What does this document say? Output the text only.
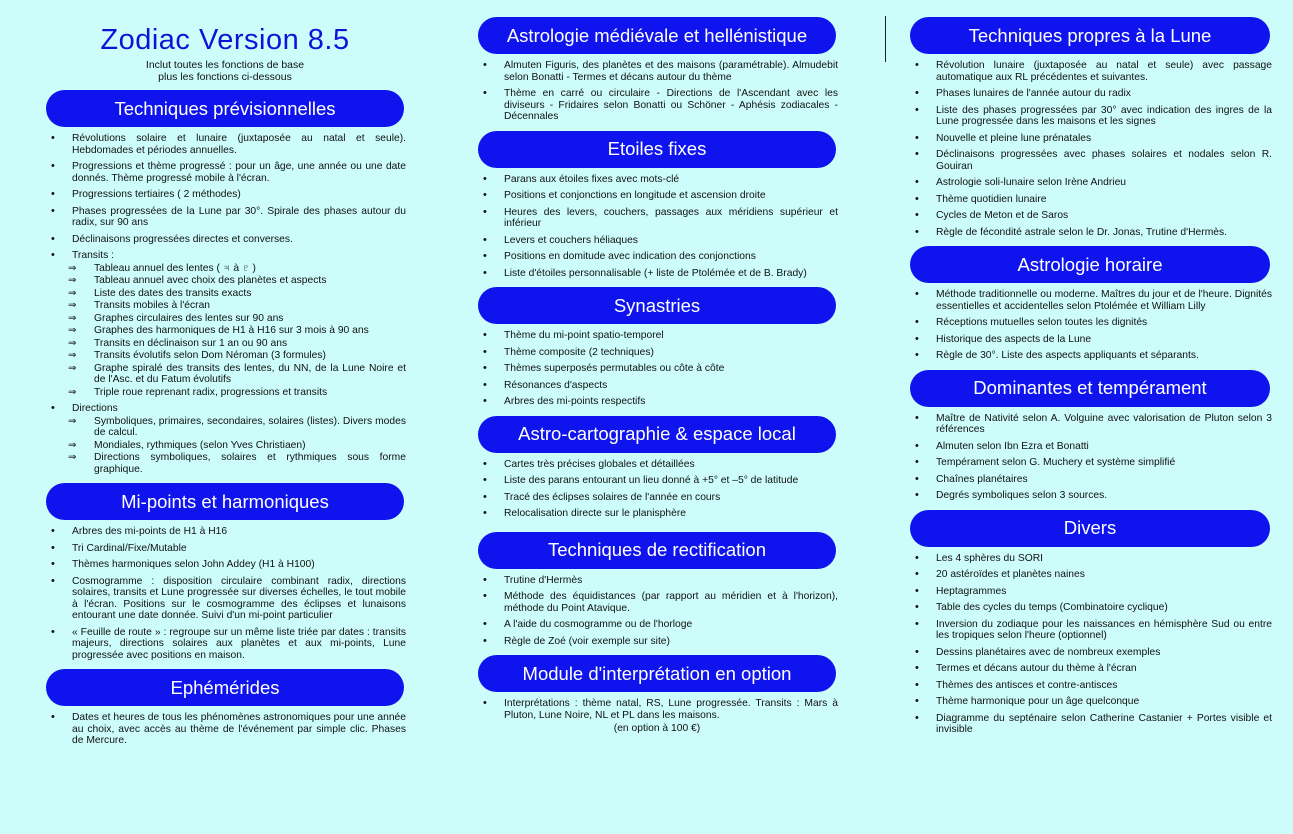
Zodiac Version 8.5
Inclut toutes les fonctions de base
plus les fonctions ci-dessous
Techniques prévisionnelles
• Révolutions solaire et lunaire (juxtaposée au natal et seule). Hebdomades et périodes annuelles.
• Progressions et thème progressé : pour un âge, une année ou une date donnés. Thème progressé mobile à l'écran.
• Progressions tertiaires ( 2 méthodes)
• Phases progressées de la Lune par 30°. Spirale des phases autour du radix, sur 90 ans
• Déclinaisons progressées directes et converses.
• Transits :
⇒ Tableau annuel des lentes ( ♃ à ♇ )
⇒ Tableau annuel avec choix des planètes et aspects
⇒ Liste des dates des transits exacts
⇒ Transits mobiles à l'écran
⇒ Graphes circulaires des lentes sur 90 ans
⇒ Graphes des harmoniques de H1 à H16 sur 3 mois à 90 ans
⇒ Transits en déclinaison sur 1 an ou 90 ans
⇒ Transits évolutifs selon Dom Néroman (3 formules)
⇒ Graphe spiralé des transits des lentes, du NN, de la Lune Noire et de l'Asc. et du Fatum évolutifs
⇒ Triple roue reprenant radix, progressions et transits
• Directions
⇒ Symboliques, primaires, secondaires, solaires (listes). Divers modes de calcul.
⇒ Mondiales, rythmiques (selon Yves Christiaen)
⇒ Directions symboliques, solaires et rythmiques sous forme graphique.
Mi-points et harmoniques
• Arbres des mi-points de H1 à H16
• Tri Cardinal/Fixe/Mutable
• Thèmes harmoniques selon John Addey (H1 à H100)
• Cosmogramme : disposition circulaire combinant radix, directions solaires, transits et Lune progressée sur diverses échelles, le tout mobile à l'écran. Positions sur le cosmogramme des éclipses et lunaisons entourant une date donnée. Suivi d'un mi-point particulier
• « Feuille de route » : regroupe sur un même liste triée par dates : transits majeurs, directions solaires aux planètes et aux mi-points, Lune progressée avec positions en maison.
Ephémérides
• Dates et heures de tous les phénomènes astronomiques pour une année au choix, avec accès au thème de l'événement par simple clic. Phases de Mercure.
Astrologie médiévale et hellénistique
• Almuten Figuris, des planètes et des maisons (paramétrable). Almudebit selon Bonatti - Termes et décans autour du thème
• Thème en carré ou circulaire - Directions de l'Ascendant avec les diviseurs - Fridaires selon Bonatti ou Schöner - Aphésis zodiacales - Décennales
Etoiles fixes
• Parans aux étoiles fixes avec mots-clé
• Positions et conjonctions en longitude et ascension droite
• Heures des levers, couchers, passages aux méridiens supérieur et inférieur
• Levers et couchers héliaques
• Positions en domitude avec indication des conjonctions
• Liste d'étoiles personnalisable (+ liste de Ptolémée et de B. Brady)
Synastries
• Thème du mi-point spatio-temporel
• Thème composite (2 techniques)
• Thèmes superposés permutables ou côte à côte
• Résonances d'aspects
• Arbres des mi-points respectifs
Astro-cartographie & espace local
• Cartes très précises globales et détaillées
• Liste des parans entourant un lieu donné à +5° et –5° de latitude
• Tracé des éclipses solaires de l'année en cours
• Relocalisation directe sur le planisphère
Techniques de rectification
• Trutine d'Hermès
• Méthode des équidistances (par rapport au méridien et à l'horizon), méthode du Point Atavique.
• A l'aide du cosmogramme ou de l'horloge
• Règle de Zoé (voir exemple sur site)
Module d'interprétation en option
• Interprétations : thème natal, RS, Lune progressée. Transits : Mars à Pluton, Lune Noire, NL et PL dans les maisons.
(en option à 100 €)
Techniques propres à la Lune
• Révolution lunaire (juxtaposée au natal et seule) avec passage automatique aux RL précédentes et suivantes.
• Phases lunaires de l'année autour du radix
• Liste des phases progressées par 30° avec indication des ingres de la Lune progressée dans les maisons et les signes
• Nouvelle et pleine lune prénatales
• Déclinaisons progressées avec phases solaires et nodales selon R. Gouiran
• Astrologie soli-lunaire selon Irène Andrieu
• Thème quotidien lunaire
• Cycles de Meton et de Saros
• Règle de fécondité astrale selon le Dr. Jonas, Trutine d'Hermès.
Astrologie horaire
• Méthode traditionnelle ou moderne. Maîtres du jour et de l'heure. Dignités essentielles et accidentelles selon Ptolémée et William Lilly
• Réceptions mutuelles selon toutes les dignités
• Historique des aspects de la Lune
• Règle de 30°. Liste des aspects appliquants et séparants.
Dominantes et tempérament
• Maître de Nativité selon A. Volguine avec valorisation de Pluton selon 3 références
• Almuten selon Ibn Ezra et Bonatti
• Tempérament selon G. Muchery et système simplifié
• Chaînes planétaires
• Degrés symboliques selon 3 sources.
Divers
• Les 4 sphères du SORI
• 20 astéroïdes et planètes naines
• Heptagrammes
• Table des cycles du temps (Combinatoire cyclique)
• Inversion du zodiaque pour les naissances en hémisphère Sud ou entre les tropiques selon l'heure (optionnel)
• Dessins planétaires avec de nombreux exemples
• Termes et décans autour du thème à l'écran
• Thèmes des antisces et contre-antisces
• Thème harmonique pour un âge quelconque
• Diagramme du septénaire selon Catherine Castanier + Portes visible et invisible
